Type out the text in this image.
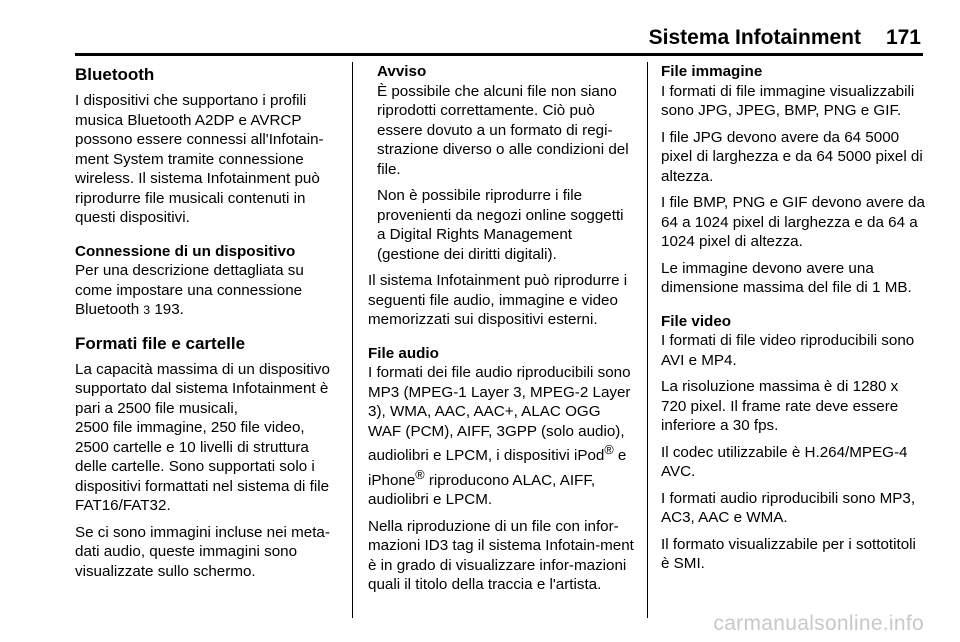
Sistema Infotainment 171
Bluetooth

I dispositivi che supportano i profili musica Bluetooth A2DP e AVRCP possono essere connessi all'Infotain-ment System tramite connessione wireless. Il sistema Infotainment può riprodurre file musicali contenuti in questi dispositivi.

Connessione di un dispositivo

Per una descrizione dettagliata su come impostare una connessione Bluetooth 3 193.

Formati file e cartelle

La capacità massima di un dispositivo supportato dal sistema Infotainment è pari a 2500 file musicali,
2500 file immagine, 250 file video,
2500 cartelle e 10 livelli di struttura delle cartelle. Sono supportati solo i dispositivi formattati nel sistema di file FAT16/FAT32.

Se ci sono immagini incluse nei meta-dati audio, queste immagini sono visualizzate sullo schermo.

Avviso

È possibile che alcuni file non siano riprodotti correttamente. Ciò può essere dovuto a un formato di regi-strazione diverso o alle condizioni del file.

Non è possibile riprodurre i file provenienti da negozi online soggetti a Digital Rights Management (gestione dei diritti digitali).

Il sistema Infotainment può riprodurre i seguenti file audio, immagine e video memorizzati sui dispositivi esterni.

File audio

I formati dei file audio riproducibili sono MP3 (MPEG-1 Layer 3, MPEG-2 Layer 3), WMA, AAC, AAC+, ALAC OGG WAF (PCM), AIFF, 3GPP (solo audio), audiolibri e LPCM, i dispositivi iPod® e iPhone® riproducono ALAC, AIFF, audiolibri e LPCM.

Nella riproduzione di un file con infor-mazioni ID3 tag il sistema Infotain-ment è in grado di visualizzare infor-mazioni quali il titolo della traccia e l'artista.

File immagine

I formati di file immagine visualizzabili sono JPG, JPEG, BMP, PNG e GIF.

I file JPG devono avere da 64 5000 pixel di larghezza e da 64 5000 pixel di altezza.

I file BMP, PNG e GIF devono avere da 64 a 1024 pixel di larghezza e da 64 a 1024 pixel di altezza.

Le immagine devono avere una dimensione massima del file di 1 MB.

File video

I formati di file video riproducibili sono AVI e MP4.

La risoluzione massima è di 1280 x 720 pixel. Il frame rate deve essere inferiore a 30 fps.

Il codec utilizzabile è H.264/MPEG-4 AVC.

I formati audio riproducibili sono MP3, AC3, AAC e WMA.

Il formato visualizzabile per i sottotitoli è SMI.

carmanualsonline.info
